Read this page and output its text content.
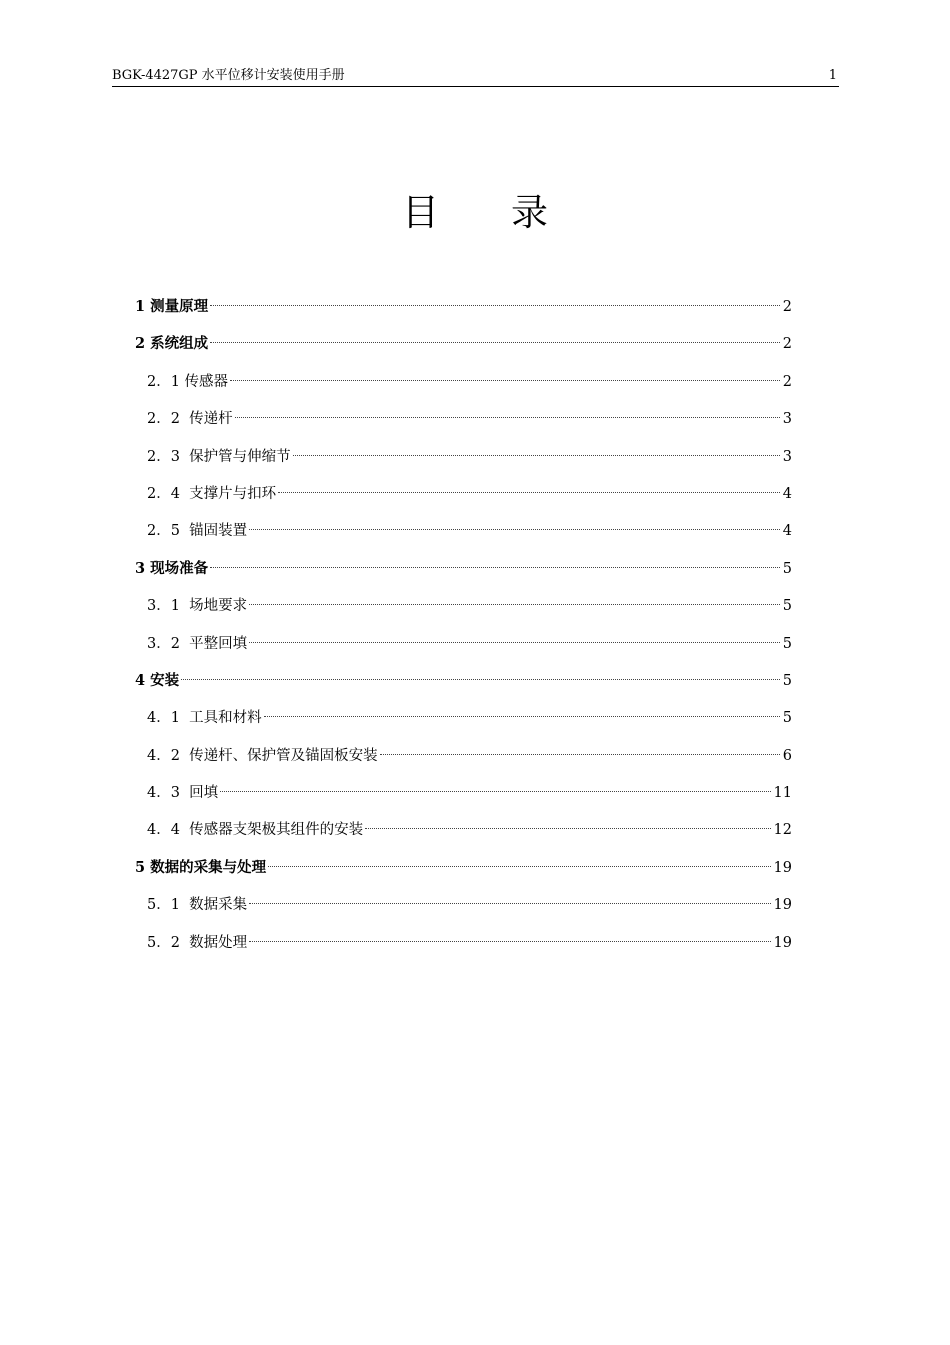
BGK-4427GP 水平位移计安装使用手册	1
目 录
1 测量原理	2
2 系统组成	2
2．1 传感器	2
2．2  传递杆	3
2．3  保护管与伸缩节	3
2．4  支撑片与扣环	4
2．5  锚固装置	4
3 现场准备	5
3．1  场地要求	5
3．2  平整回填	5
4 安装	5
4．1  工具和材料	5
4．2  传递杆、保护管及锚固板安装	6
4．3  回填	11
4．4  传感器支架极其组件的安装	12
5 数据的采集与处理	19
5．1  数据采集	19
5．2  数据处理	19
